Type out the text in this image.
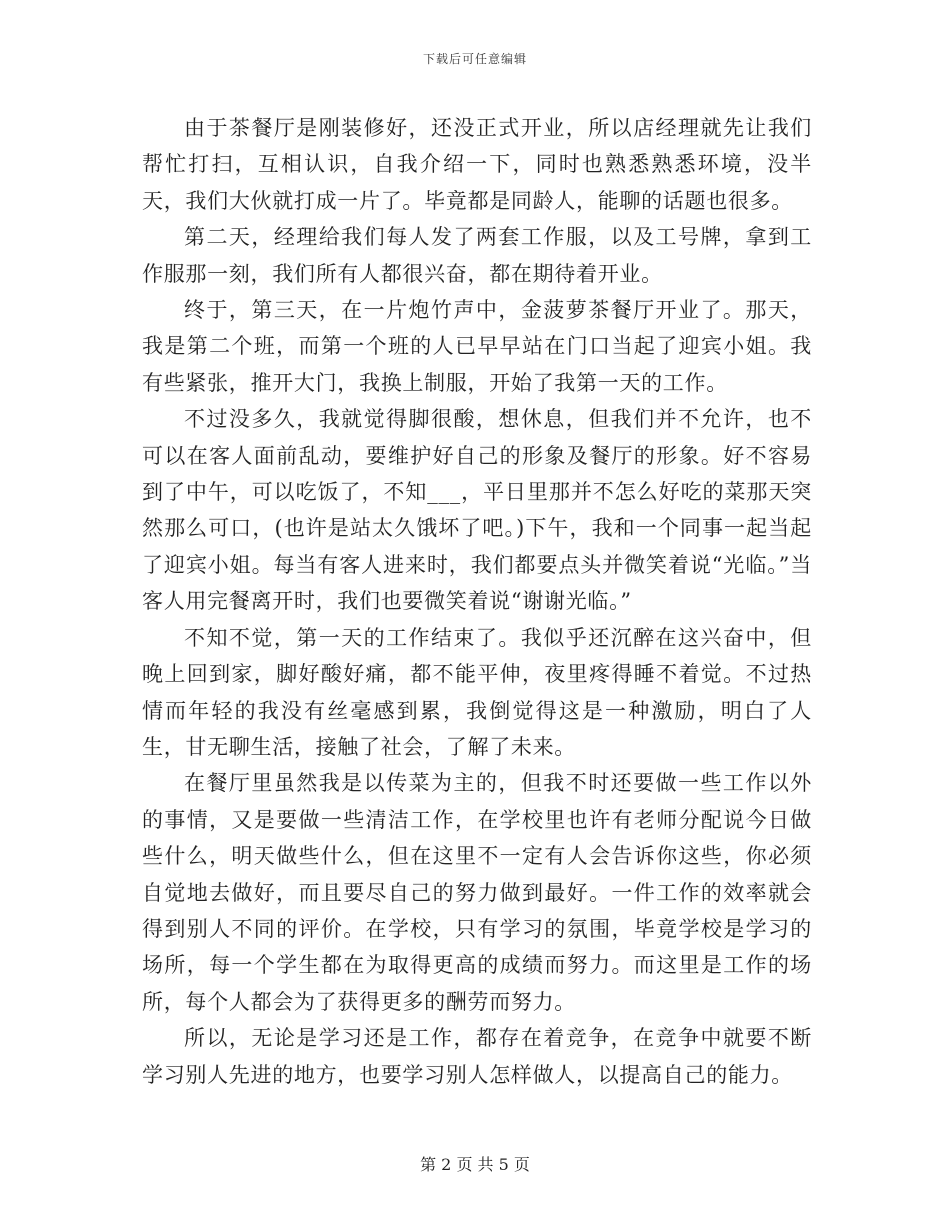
下载后可任意编辑

由于茶餐厅是刚装修好，还没正式开业，所以店经理就先让我们帮忙打扫，互相认识，自我介绍一下，同时也熟悉熟悉环境，没半天，我们大伙就打成一片了。毕竟都是同龄人，能聊的话题也很多。

第二天，经理给我们每人发了两套工作服，以及工号牌，拿到工作服那一刻，我们所有人都很兴奋，都在期待着开业。

终于，第三天，在一片炮竹声中，金菠萝茶餐厅开业了。那天，我是第二个班，而第一个班的人已早早站在门口当起了迎宾小姐。我有些紧张，推开大门，我换上制服，开始了我第一天的工作。

不过没多久，我就觉得脚很酸，想休息，但我们并不允许，也不可以在客人面前乱动，要维护好自己的形象及餐厅的形象。好不容易到了中午，可以吃饭了，不知___，平日里那并不怎么好吃的菜那天突然那么可口，(也许是站太久饿坏了吧。)下午，我和一个同事一起当起了迎宾小姐。每当有客人进来时，我们都要点头并微笑着说“光临。”当客人用完餐离开时，我们也要微笑着说“谢谢光临。”

不知不觉，第一天的工作结束了。我似乎还沉醉在这兴奋中，但晚上回到家，脚好酸好痛，都不能平伸，夜里疼得睡不着觉。不过热情而年轻的我没有丝毫感到累，我倒觉得这是一种激励，明白了人生，甘无聊生活，接触了社会，了解了未来。

在餐厅里虽然我是以传菜为主的，但我不时还要做一些工作以外的事情，又是要做一些清洁工作，在学校里也许有老师分配说今日做些什么，明天做些什么，但在这里不一定有人会告诉你这些，你必须自觉地去做好，而且要尽自己的努力做到最好。一件工作的效率就会得到别人不同的评价。在学校，只有学习的氛围，毕竟学校是学习的场所，每一个学生都在为取得更高的成绩而努力。而这里是工作的场所，每个人都会为了获得更多的酬劳而努力。

所以，无论是学习还是工作，都存在着竞争，在竞争中就要不断学习别人先进的地方，也要学习别人怎样做人，以提高自己的能力。

第 2 页 共 5 页
